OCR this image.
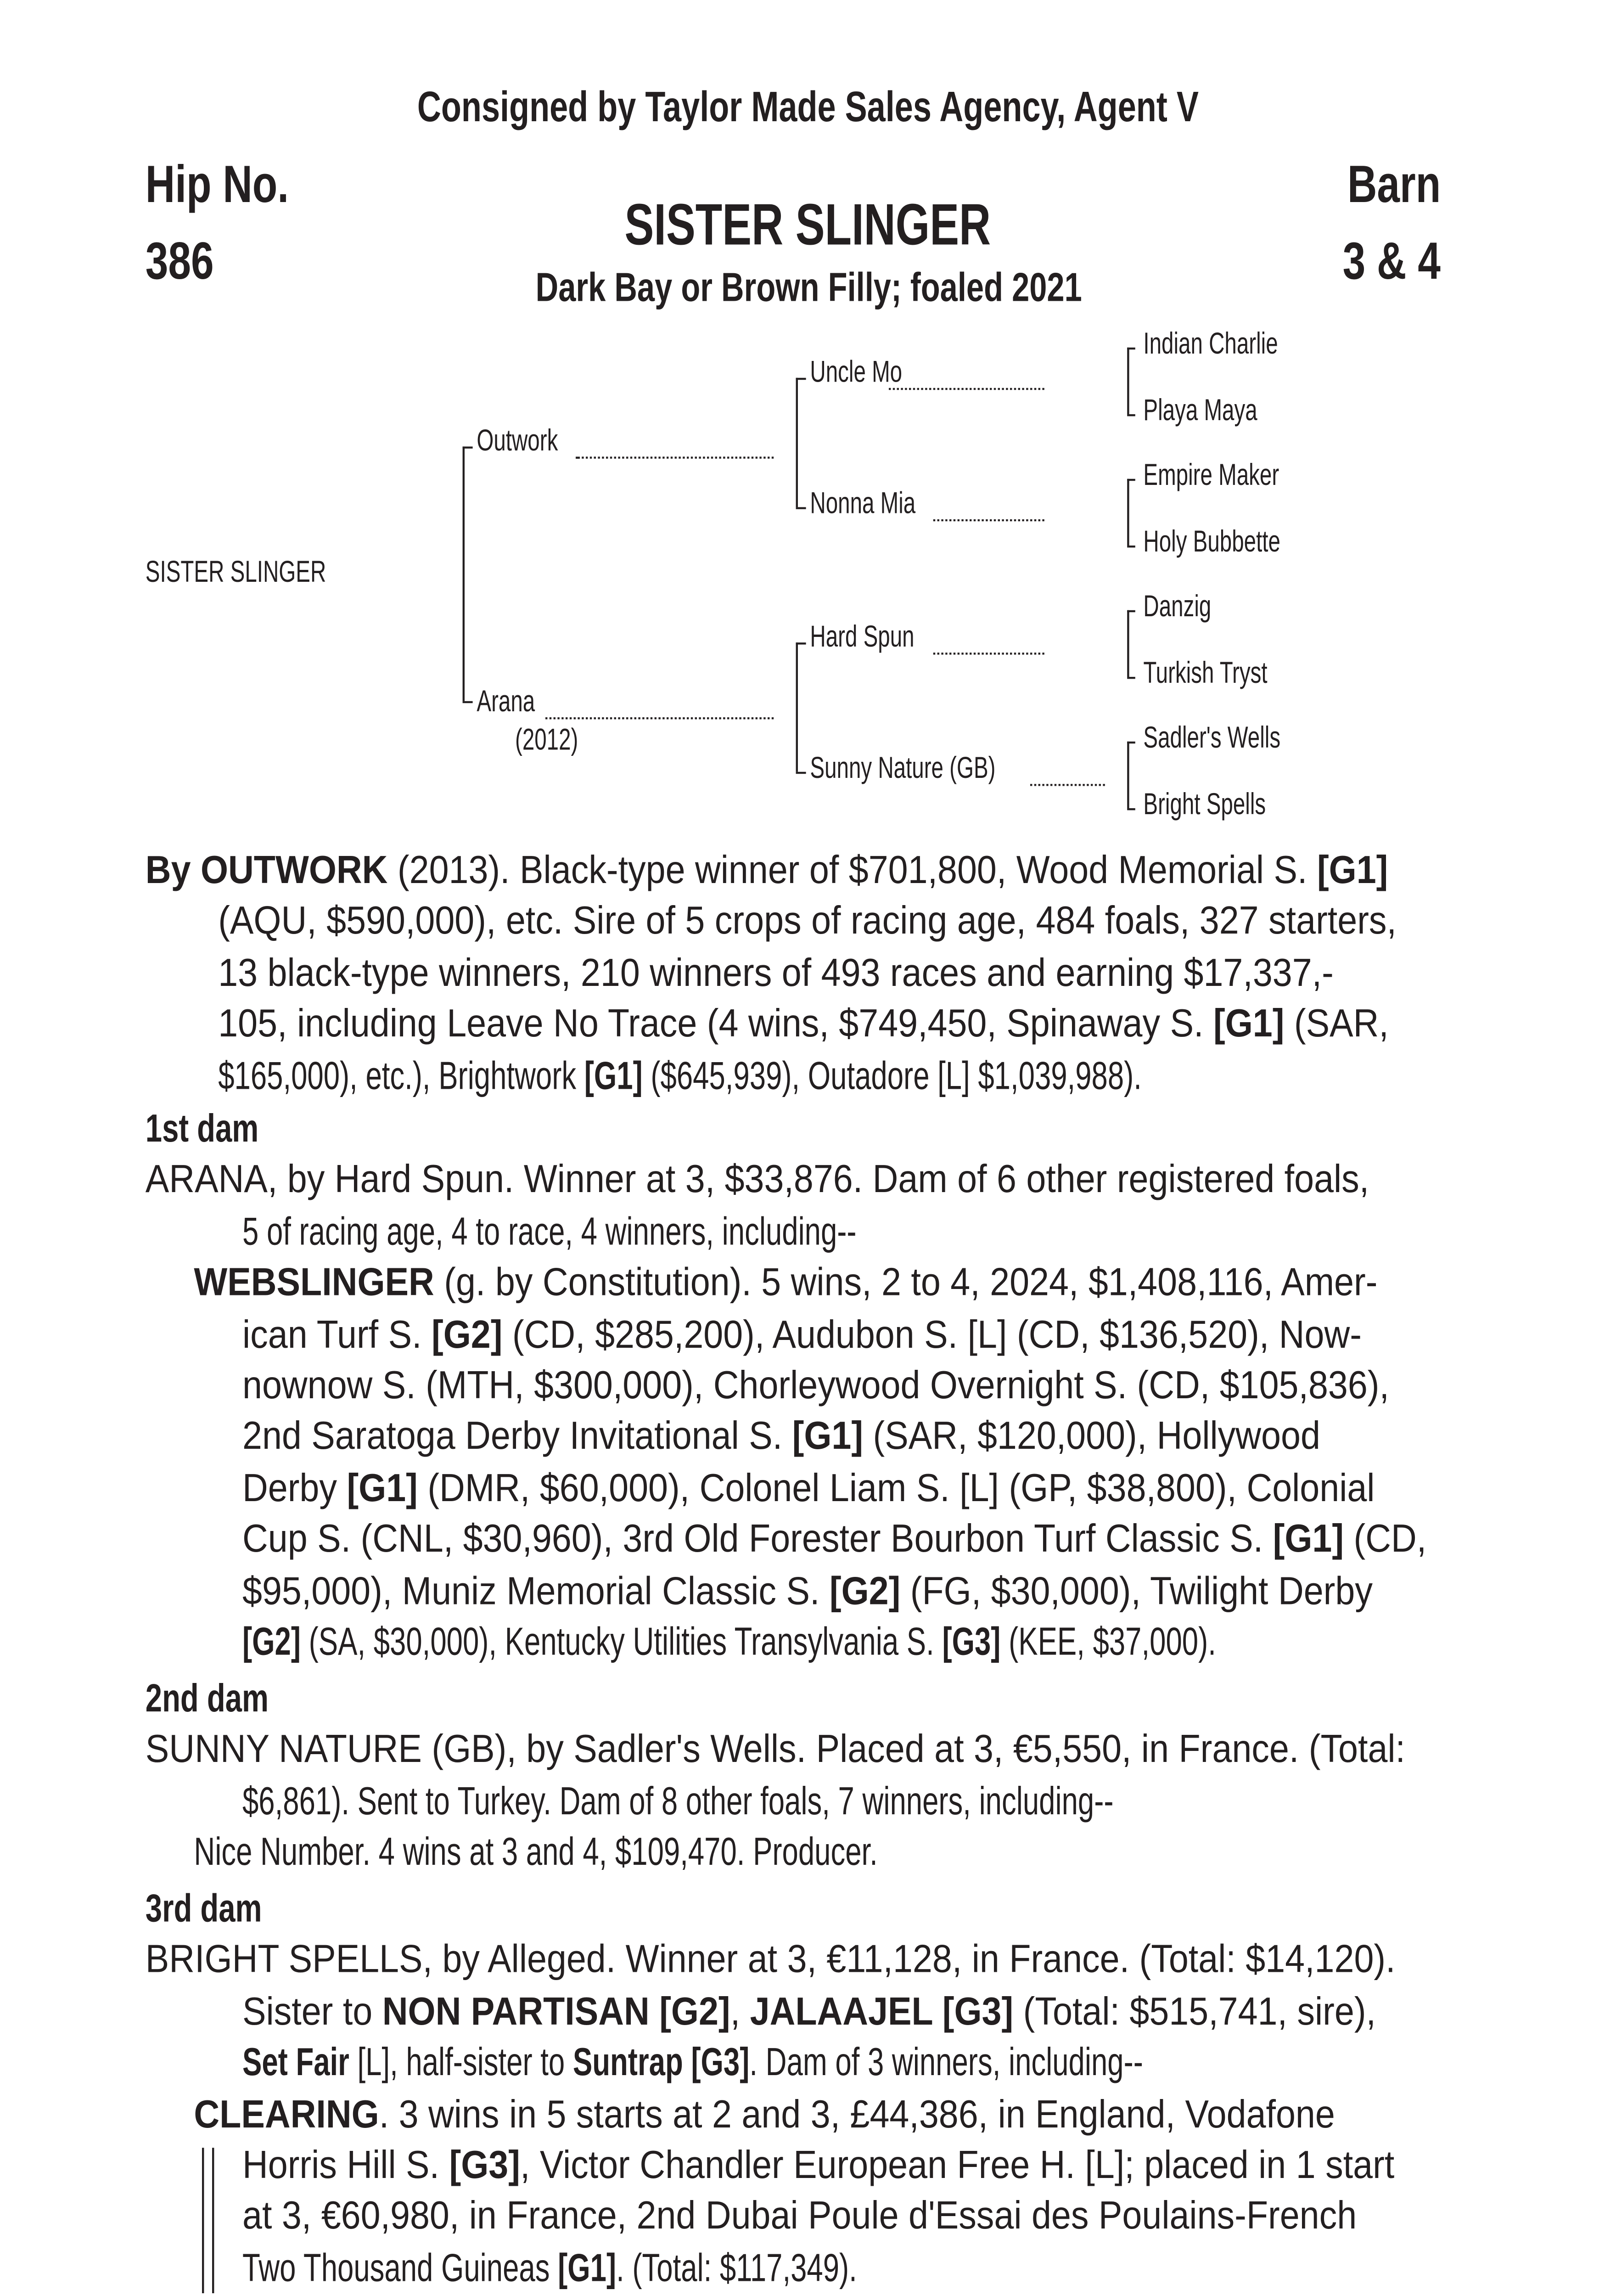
Consigned by Taylor Made Sales Agency, Agent V
Hip No.
386
Barn
3 & 4
SISTER SLINGER
Dark Bay or Brown Filly; foaled 2021
SISTER SLINGER
Outwork
Arana
(2012)
Uncle Mo
Nonna Mia
Hard Spun
Sunny Nature (GB)
Indian Charlie
Playa Maya
Empire Maker
Holy Bubbette
Danzig
Turkish Tryst
Sadler's Wells
Bright Spells
By OUTWORK (2013). Black-type winner of $701,800, Wood Memorial S. [G1]
(AQU, $590,000), etc. Sire of 5 crops of racing age, 484 foals, 327 starters,
13 black-type winners, 210 winners of 493 races and earning $17,337,-
105, including Leave No Trace (4 wins, $749,450, Spinaway S. [G1] (SAR,
$165,000), etc.), Brightwork [G1] ($645,939), Outadore [L] $1,039,988).
1st dam
ARANA, by Hard Spun. Winner at 3, $33,876. Dam of 6 other registered foals,
5 of racing age, 4 to race, 4 winners, including--
WEBSLINGER (g. by Constitution). 5 wins, 2 to 4, 2024, $1,408,116, Amer-
ican Turf S. [G2] (CD, $285,200), Audubon S. [L] (CD, $136,520), Now-
nownow S. (MTH, $300,000), Chorleywood Overnight S. (CD, $105,836),
2nd Saratoga Derby Invitational S. [G1] (SAR, $120,000), Hollywood
Derby [G1] (DMR, $60,000), Colonel Liam S. [L] (GP, $38,800), Colonial
Cup S. (CNL, $30,960), 3rd Old Forester Bourbon Turf Classic S. [G1] (CD,
$95,000), Muniz Memorial Classic S. [G2] (FG, $30,000), Twilight Derby
[G2] (SA, $30,000), Kentucky Utilities Transylvania S. [G3] (KEE, $37,000).
2nd dam
SUNNY NATURE (GB), by Sadler's Wells. Placed at 3, €5,550, in France. (Total:
$6,861). Sent to Turkey. Dam of 8 other foals, 7 winners, including--
Nice Number. 4 wins at 3 and 4, $109,470. Producer.
3rd dam
BRIGHT SPELLS, by Alleged. Winner at 3, €11,128, in France. (Total: $14,120).
Sister to NON PARTISAN [G2], JALAAJEL [G3] (Total: $515,741, sire),
Set Fair [L], half-sister to Suntrap [G3]. Dam of 3 winners, including--
CLEARING. 3 wins in 5 starts at 2 and 3, £44,386, in England, Vodafone
Horris Hill S. [G3], Victor Chandler European Free H. [L]; placed in 1 start
at 3, €60,980, in France, 2nd Dubai Poule d'Essai des Poulains-French
Two Thousand Guineas [G1]. (Total: $117,349).
